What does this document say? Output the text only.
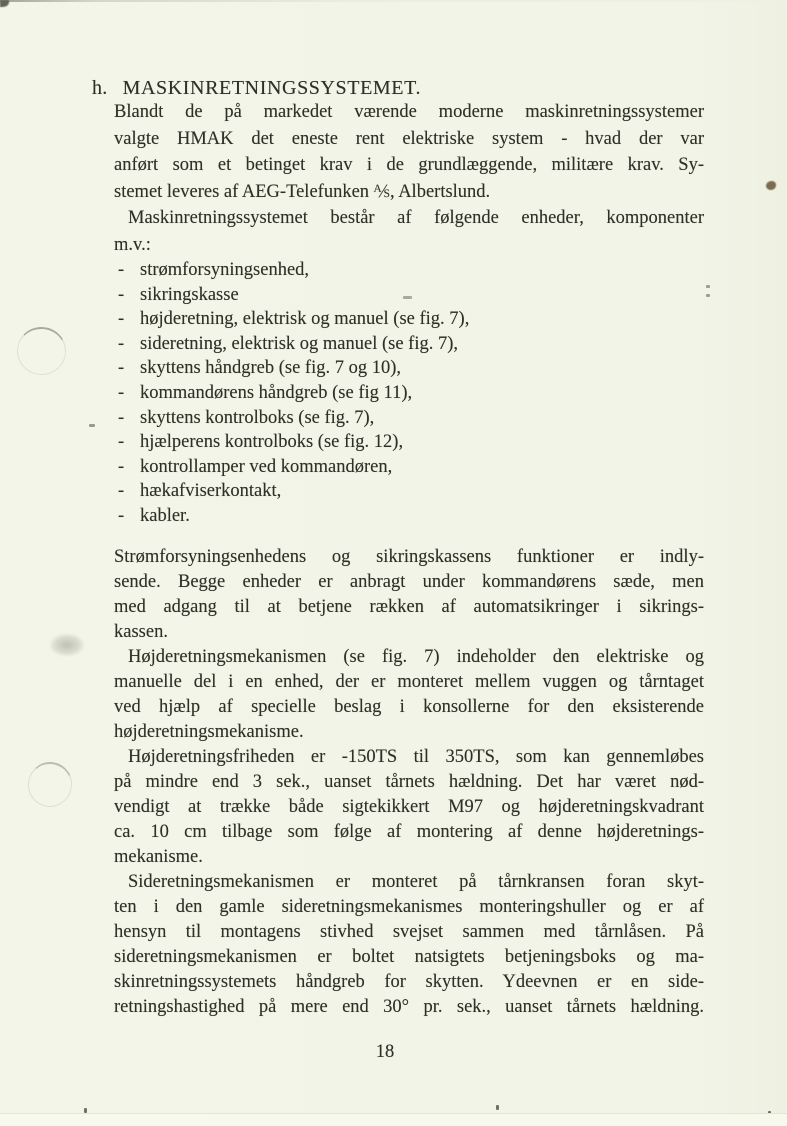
h. MASKINRETNINGSSYSTEMET.
Blandt de på markedet værende moderne maskinretningssystemer
valgte HMAK det eneste rent elektriske system - hvad der var
anført som et betinget krav i de grundlæggende, militære krav. Sy-
stemet leveres af AEG-Telefunken ⅍, Albertslund.
Maskinretningssystemet består af følgende enheder, komponenter
m.v.:
- strømforsyningsenhed,
- sikringskasse
- højderetning, elektrisk og manuel (se fig. 7),
- sideretning, elektrisk og manuel (se fig. 7),
- skyttens håndgreb (se fig. 7 og 10),
- kommandørens håndgreb (se fig 11),
- skyttens kontrolboks (se fig. 7),
- hjælperens kontrolboks (se fig. 12),
- kontrollamper ved kommandøren,
- hækafviserkontakt,
- kabler.
Strømforsyningsenhedens og sikringskassens funktioner er indly-
sende. Begge enheder er anbragt under kommandørens sæde, men
med adgang til at betjene rækken af automatsikringer i sikrings-
kassen.
Højderetningsmekanismen (se fig. 7) indeholder den elektriske og
manuelle del i en enhed, der er monteret mellem vuggen og tårntaget
ved hjælp af specielle beslag i konsollerne for den eksisterende
højderetningsmekanisme.
Højderetningsfriheden er -150TS til 350TS, som kan gennemløbes
på mindre end 3 sek., uanset tårnets hældning. Det har været nød-
vendigt at trække både sigtekikkert M97 og højderetningskvadrant
ca. 10 cm tilbage som følge af montering af denne højderetnings-
mekanisme.
Sideretningsmekanismen er monteret på tårnkransen foran skyt-
ten i den gamle sideretningsmekanismes monteringshuller og er af
hensyn til montagens stivhed svejset sammen med tårnlåsen. På
sideretningsmekanismen er boltet natsigtets betjeningsboks og ma-
skinretningssystemets håndgreb for skytten. Ydeevnen er en side-
retningshastighed på mere end 30° pr. sek., uanset tårnets hældning.
18
